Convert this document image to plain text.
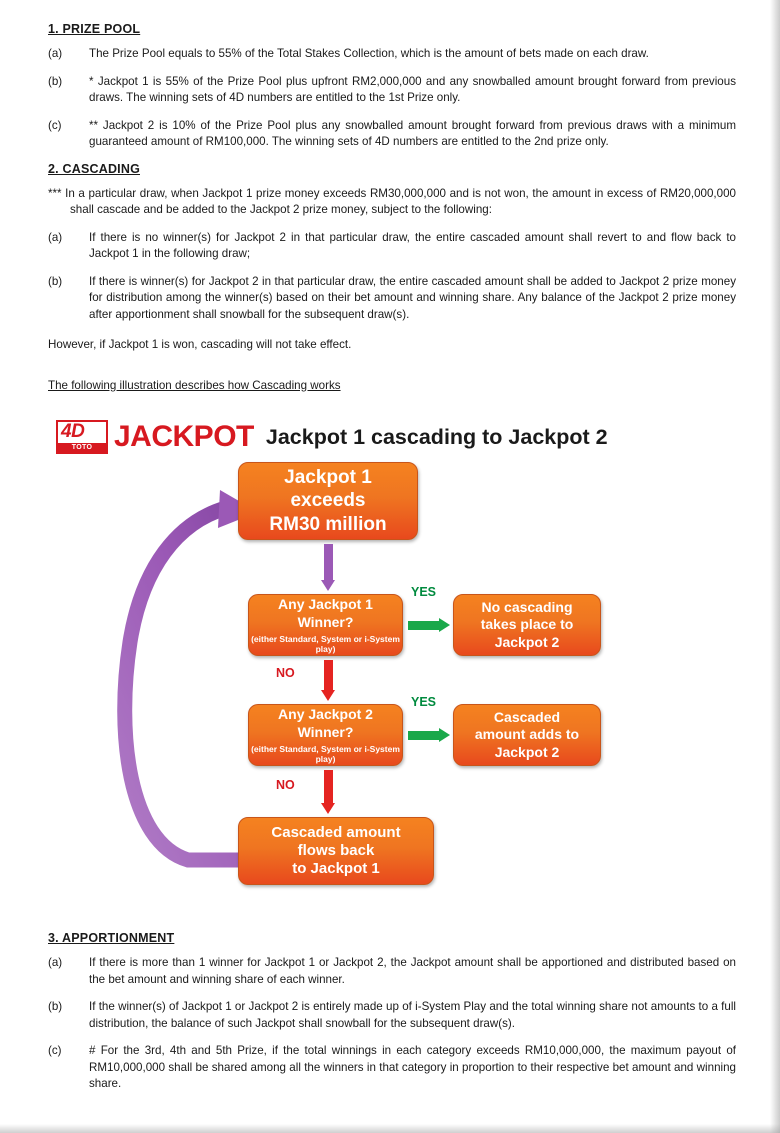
1. PRIZE POOL
(a)	The Prize Pool equals to 55% of the Total Stakes Collection, which is the amount of bets made on each draw.
(b)	* Jackpot 1 is 55% of the Prize Pool plus upfront RM2,000,000 and any snowballed amount brought forward from previous draws. The winning sets of 4D numbers are entitled to the 1st Prize only.
(c)	** Jackpot 2 is 10% of the Prize Pool plus any snowballed amount brought forward from previous draws with a minimum guaranteed amount of RM100,000. The winning sets of 4D numbers are entitled to the 2nd prize only.
2. CASCADING
*** In a particular draw, when Jackpot 1 prize money exceeds RM30,000,000 and is not won, the amount in excess of RM20,000,000 shall cascade and be added to the Jackpot 2 prize money, subject to the following:
(a)	If there is no winner(s) for Jackpot 2 in that particular draw, the entire cascaded amount shall revert to and flow back to Jackpot 1 in the following draw;
(b)	If there is winner(s) for Jackpot 2 in that particular draw, the entire cascaded amount shall be added to Jackpot 2 prize money for distribution among the winner(s) based on their bet amount and winning share. Any balance of the Jackpot 2 prize money after apportionment shall snowball for the subsequent draw(s).
However, if Jackpot 1 is won, cascading will not take effect.
The following illustration describes how Cascading works
4D
TOTO JACKPOT Jackpot 1 cascading to Jackpot 2
Jackpot 1
exceeds
RM30 million
Any Jackpot 1
Winner?
(either Standard, System or i-System play)
YES
No cascading
takes place to
Jackpot 2
NO
Any Jackpot 2
Winner?
(either Standard, System or i-System play)
YES
Cascaded
amount adds to
Jackpot 2
NO
Cascaded amount
flows back
to Jackpot 1
3. APPORTIONMENT
(a)	If there is more than 1 winner for Jackpot 1 or Jackpot 2, the Jackpot amount shall be apportioned and distributed based on the bet amount and winning share of each winner.
(b)	If the winner(s) of Jackpot 1 or Jackpot 2 is entirely made up of i-System Play and the total winning share not amounts to a full distribution, the balance of such Jackpot shall snowball for the subsequent draw(s).
(c)	# For the 3rd, 4th and 5th Prize, if the total winnings in each category exceeds RM10,000,000, the maximum payout of RM10,000,000 shall be shared among all the winners in that category in proportion to their respective bet amount and winning share.
